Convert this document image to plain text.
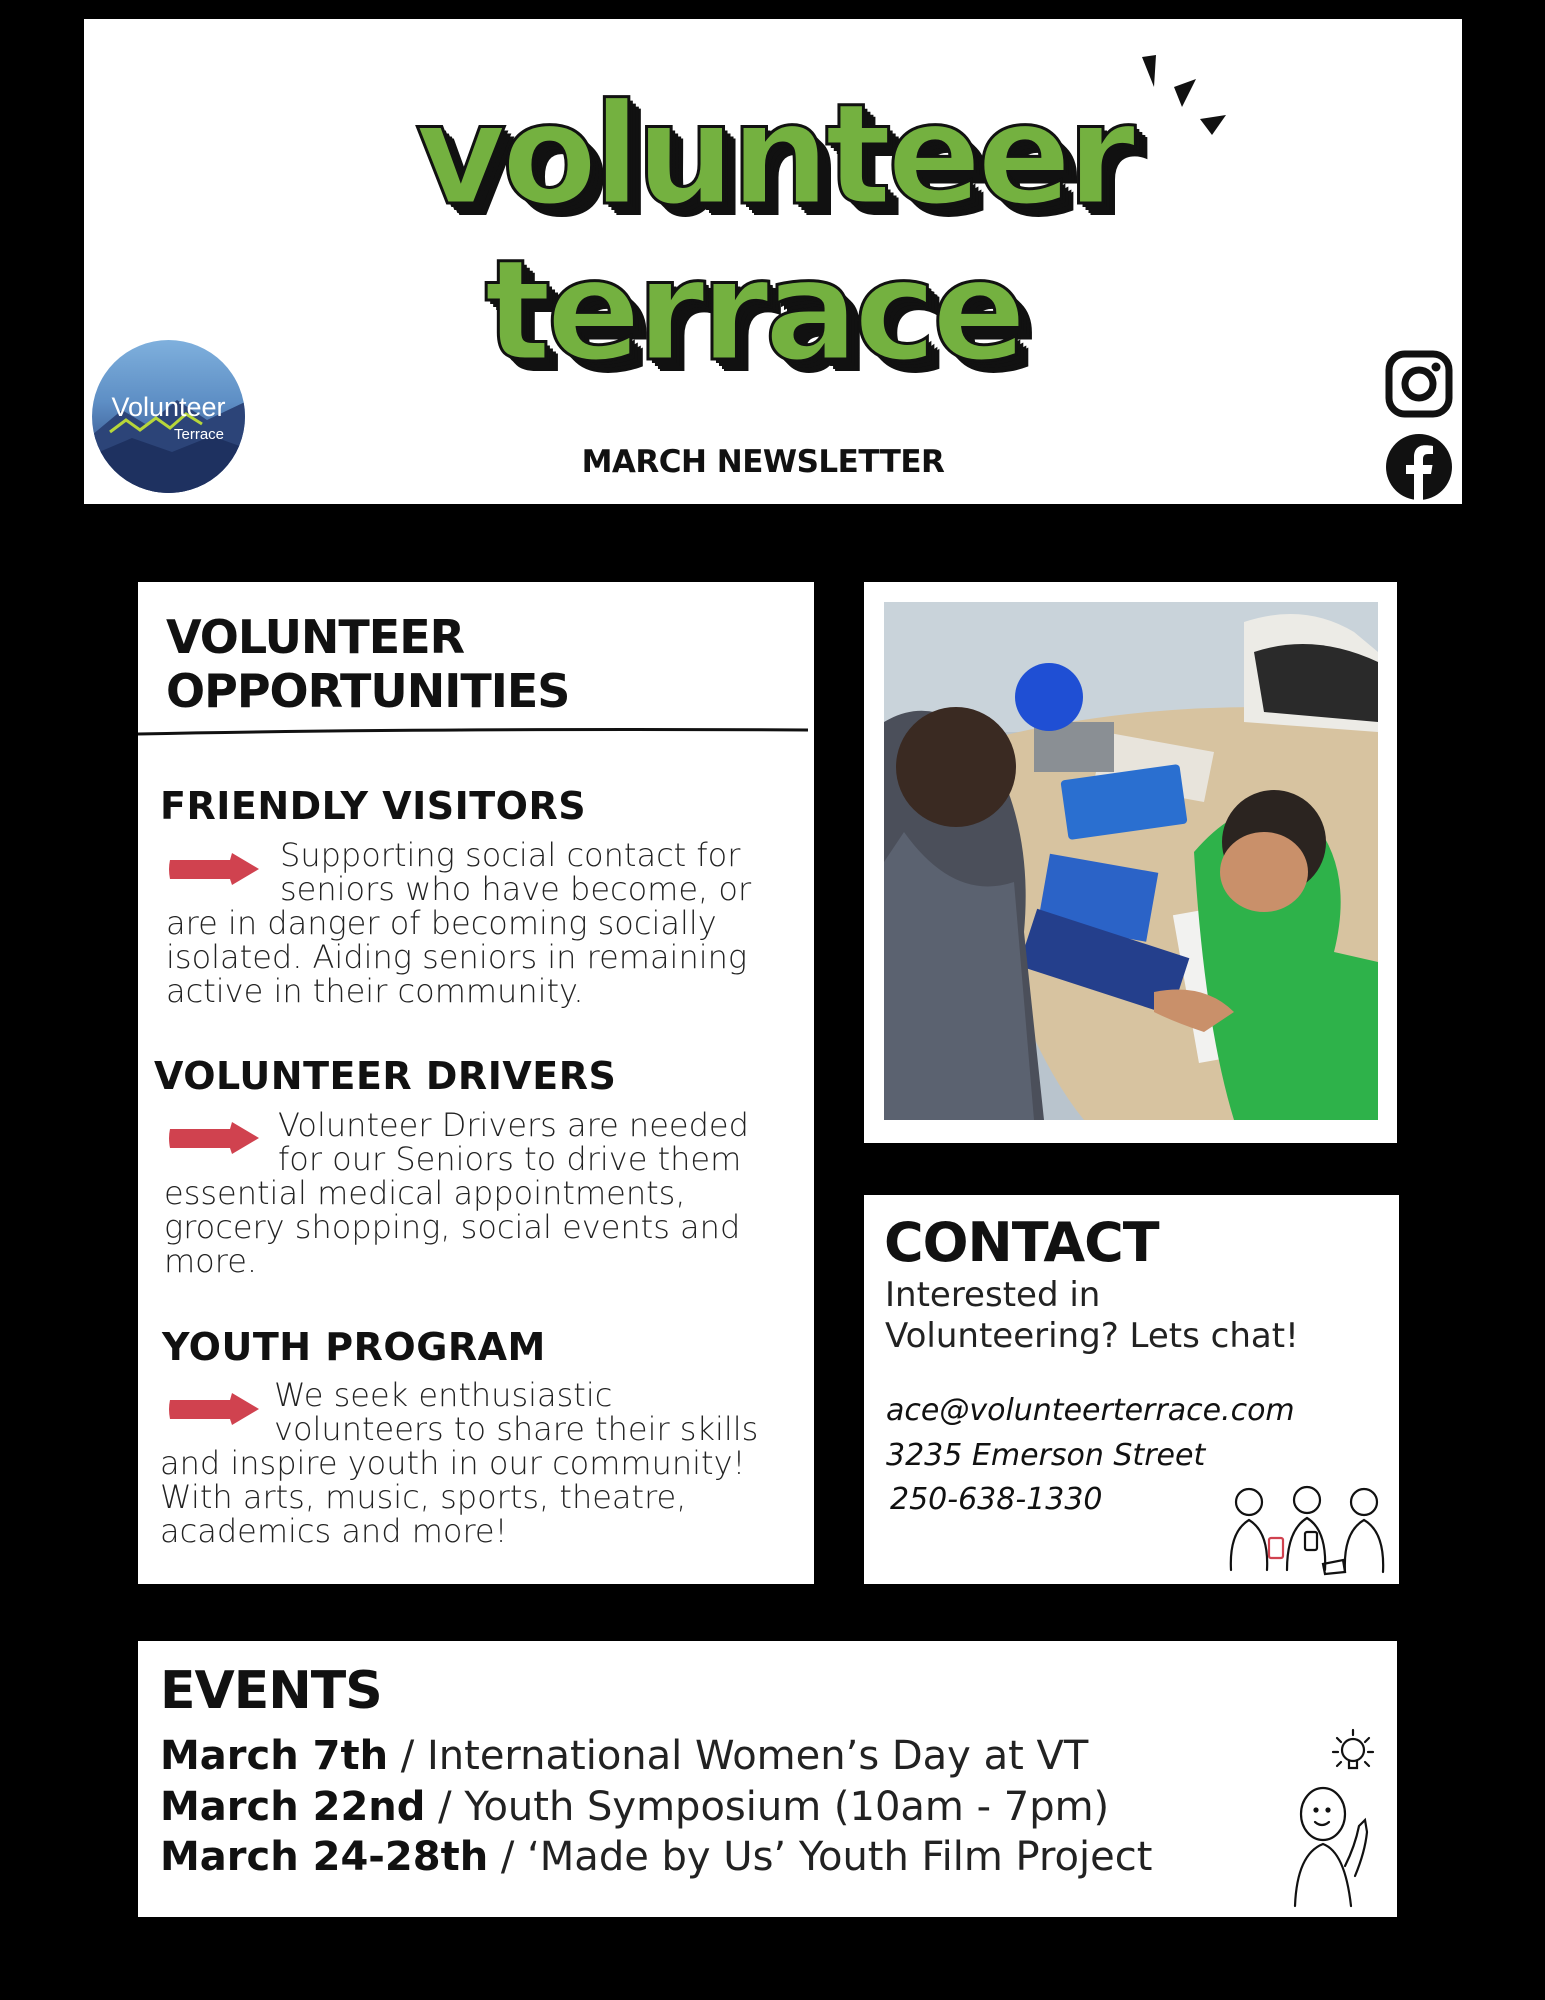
volunteer
terrace
Volunteer
Terrace
MARCH NEWSLETTER
VOLUNTEER OPPORTUNITIES
FRIENDLY VISITORS
Supporting social contact for
seniors who have become, or
are in danger of becoming socially
isolated. Aiding seniors in remaining
active in their community.
VOLUNTEER DRIVERS
Volunteer Drivers are needed
for our Seniors to drive them
essential medical appointments,
grocery shopping, social events and
more.
YOUTH PROGRAM
We seek enthusiastic
volunteers to share their skills
and inspire youth in our community!
With arts, music, sports, theatre,
academics and more!
CONTACT
Interested in
Volunteering? Lets chat!
ace@volunteerterrace.com
3235 Emerson Street
250-638-1330
EVENTS
March 7th / International Women’s Day at VT
March 22nd / Youth Symposium (10am - 7pm)
March 24-28th / ‘Made by Us’ Youth Film Project
